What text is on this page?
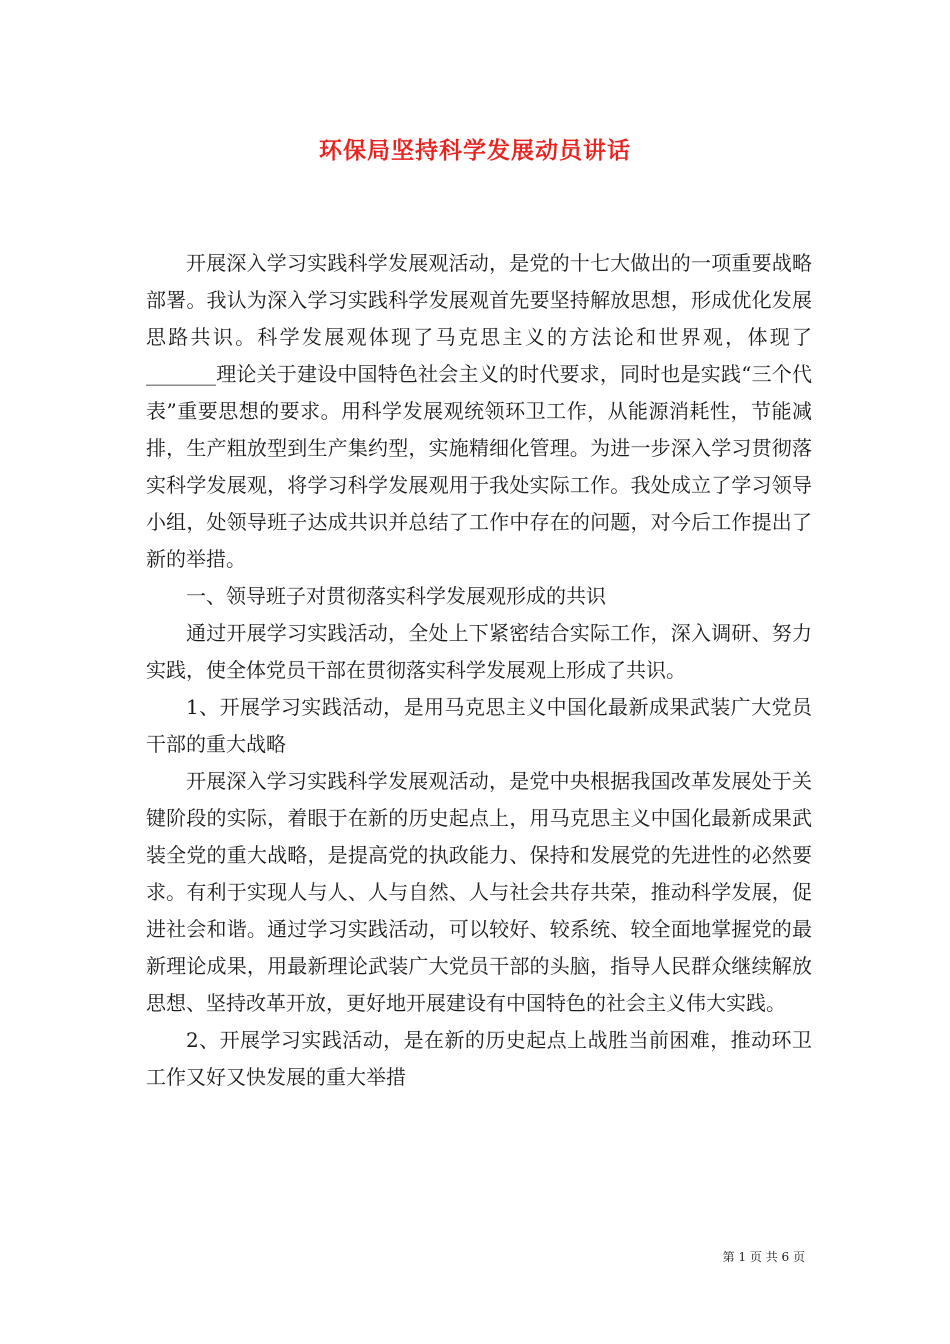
环保局坚持科学发展动员讲话

开展深入学习实践科学发展观活动，是党的十七大做出的一项重要战略部署。我认为深入学习实践科学发展观首先要坚持解放思想，形成优化发展思路共识。科学发展观体现了马克思主义的方法论和世界观，体现了_______理论关于建设中国特色社会主义的时代要求，同时也是实践“三个代表”重要思想的要求。用科学发展观统领环卫工作，从能源消耗性，节能减排，生产粗放型到生产集约型，实施精细化管理。为进一步深入学习贯彻落实科学发展观，将学习科学发展观用于我处实际工作。我处成立了学习领导小组，处领导班子达成共识并总结了工作中存在的问题，对今后工作提出了新的举措。

一、领导班子对贯彻落实科学发展观形成的共识

通过开展学习实践活动，全处上下紧密结合实际工作，深入调研、努力实践，使全体党员干部在贯彻落实科学发展观上形成了共识。

1、开展学习实践活动，是用马克思主义中国化最新成果武装广大党员干部的重大战略

开展深入学习实践科学发展观活动，是党中央根据我国改革发展处于关键阶段的实际，着眼于在新的历史起点上，用马克思主义中国化最新成果武装全党的重大战略，是提高党的执政能力、保持和发展党的先进性的必然要求。有利于实现人与人、人与自然、人与社会共存共荣，推动科学发展，促进社会和谐。通过学习实践活动，可以较好、较系统、较全面地掌握党的最新理论成果，用最新理论武装广大党员干部的头脑，指导人民群众继续解放思想、坚持改革开放，更好地开展建设有中国特色的社会主义伟大实践。

2、开展学习实践活动，是在新的历史起点上战胜当前困难，推动环卫工作又好又快发展的重大举措

第 1 页 共 6 页
